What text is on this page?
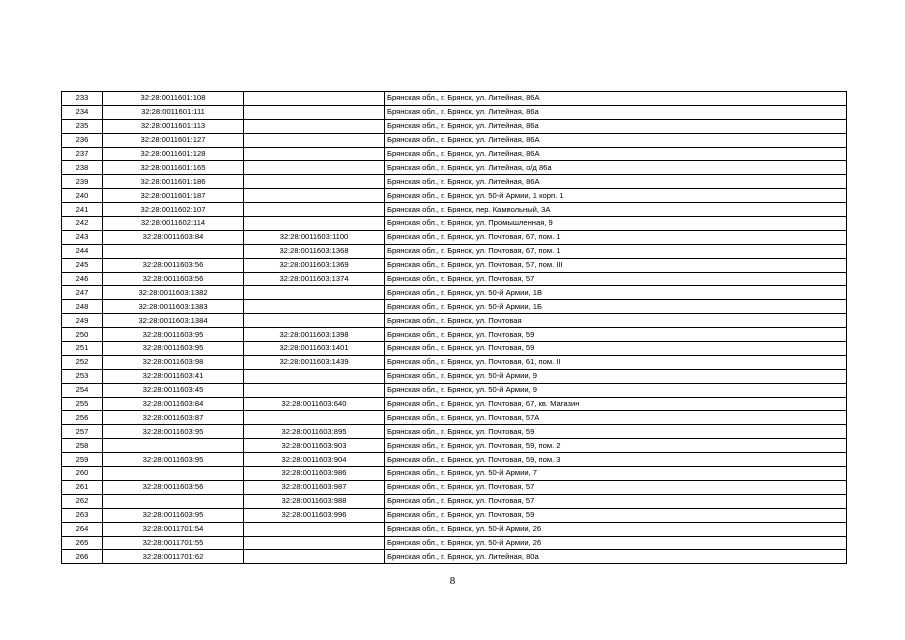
233	32:28:0011601:108		Брянская обл., г. Брянск, ул. Литейная, 86А
234	32:28:0011601:111		Брянская обл., г. Брянск, ул. Литейная, 86а
235	32:28:0011601:113		Брянская обл., г. Брянск, ул. Литейная, 86а
236	32:28:0011601:127		Брянская обл., г. Брянск, ул. Литейная, 86А
237	32:28:0011601:128		Брянская обл., г. Брянск, ул. Литейная, 86А
238	32:28:0011601:165		Брянская обл., г. Брянск, ул. Литейная, о/д 86а
239	32:28:0011601:186		Брянская обл., г. Брянск, ул. Литейная, 86А
240	32:28:0011601:187		Брянская обл., г. Брянск, ул. 50-й Армии, 1 корп. 1
241	32:28:0011602:107		Брянская обл., г. Брянск, пер. Камвольный, 3А
242	32:28:0011602:114		Брянская обл., г. Брянск, ул. Промышленная, 9
243	32:28:0011603:84	32:28:0011603:1100	Брянская обл., г. Брянск, ул. Почтовая, 67, пом. 1
244		32:28:0011603:1368	Брянская обл., г. Брянск, ул. Почтовая, 67, пом. 1
245	32:28:0011603:56	32:28:0011603:1369	Брянская обл., г. Брянск, ул. Почтовая, 57, пом. III
246	32:28:0011603:56	32:28:0011603:1374	Брянская обл., г. Брянск, ул. Почтовая, 57
247	32:28:0011603:1382		Брянская обл., г. Брянск, ул. 50-й Армии, 1В
248	32:28:0011603:1383		Брянская обл., г. Брянск, ул. 50-й Армии, 1Б
249	32:28:0011603:1384		Брянская обл., г. Брянск, ул. Почтовая
250	32:28:0011603:95	32:28:0011603:1398	Брянская обл., г. Брянск, ул. Почтовая, 59
251	32:28:0011603:95	32:28:0011603:1401	Брянская обл., г. Брянск, ул. Почтовая, 59
252	32:28:0011603:98	32:28:0011603:1439	Брянская обл., г. Брянск, ул. Почтовая, 61, пом. II
253	32:28:0011603:41		Брянская обл., г. Брянск, ул. 50-й Армии, 9
254	32:28:0011603:45		Брянская обл., г. Брянск, ул. 50-й Армии, 9
255	32:28:0011603:84	32:28:0011603:640	Брянская обл., г. Брянск, ул. Почтовая, 67, кв. Магазин
256	32:28:0011603:87		Брянская обл., г. Брянск, ул. Почтовая, 57А
257	32:28:0011603:95	32:28:0011603:895	Брянская обл., г. Брянск, ул. Почтовая, 59
258		32:28:0011603:903	Брянская обл., г. Брянск, ул. Почтовая, 59, пом. 2
259	32:28:0011603:95	32:28:0011603:904	Брянская обл., г. Брянск, ул. Почтовая, 59, пом. 3
260		32:28:0011603:986	Брянская обл., г. Брянск, ул. 50-й Армии, 7
261	32:28:0011603:56	32:28:0011603:987	Брянская обл., г. Брянск, ул. Почтовая, 57
262		32:28:0011603:988	Брянская обл., г. Брянск, ул. Почтовая, 57
263	32:28:0011603:95	32:28:0011603:996	Брянская обл., г. Брянск, ул. Почтовая, 59
264	32:28:0011701:54		Брянская обл., г. Брянск, ул. 50-й Армии, 26
265	32:28:0011701:55		Брянская обл., г. Брянск, ул. 50-й Армии, 26
266	32:28:0011701:62		Брянская обл., г. Брянск, ул. Литейная, 80а
8
